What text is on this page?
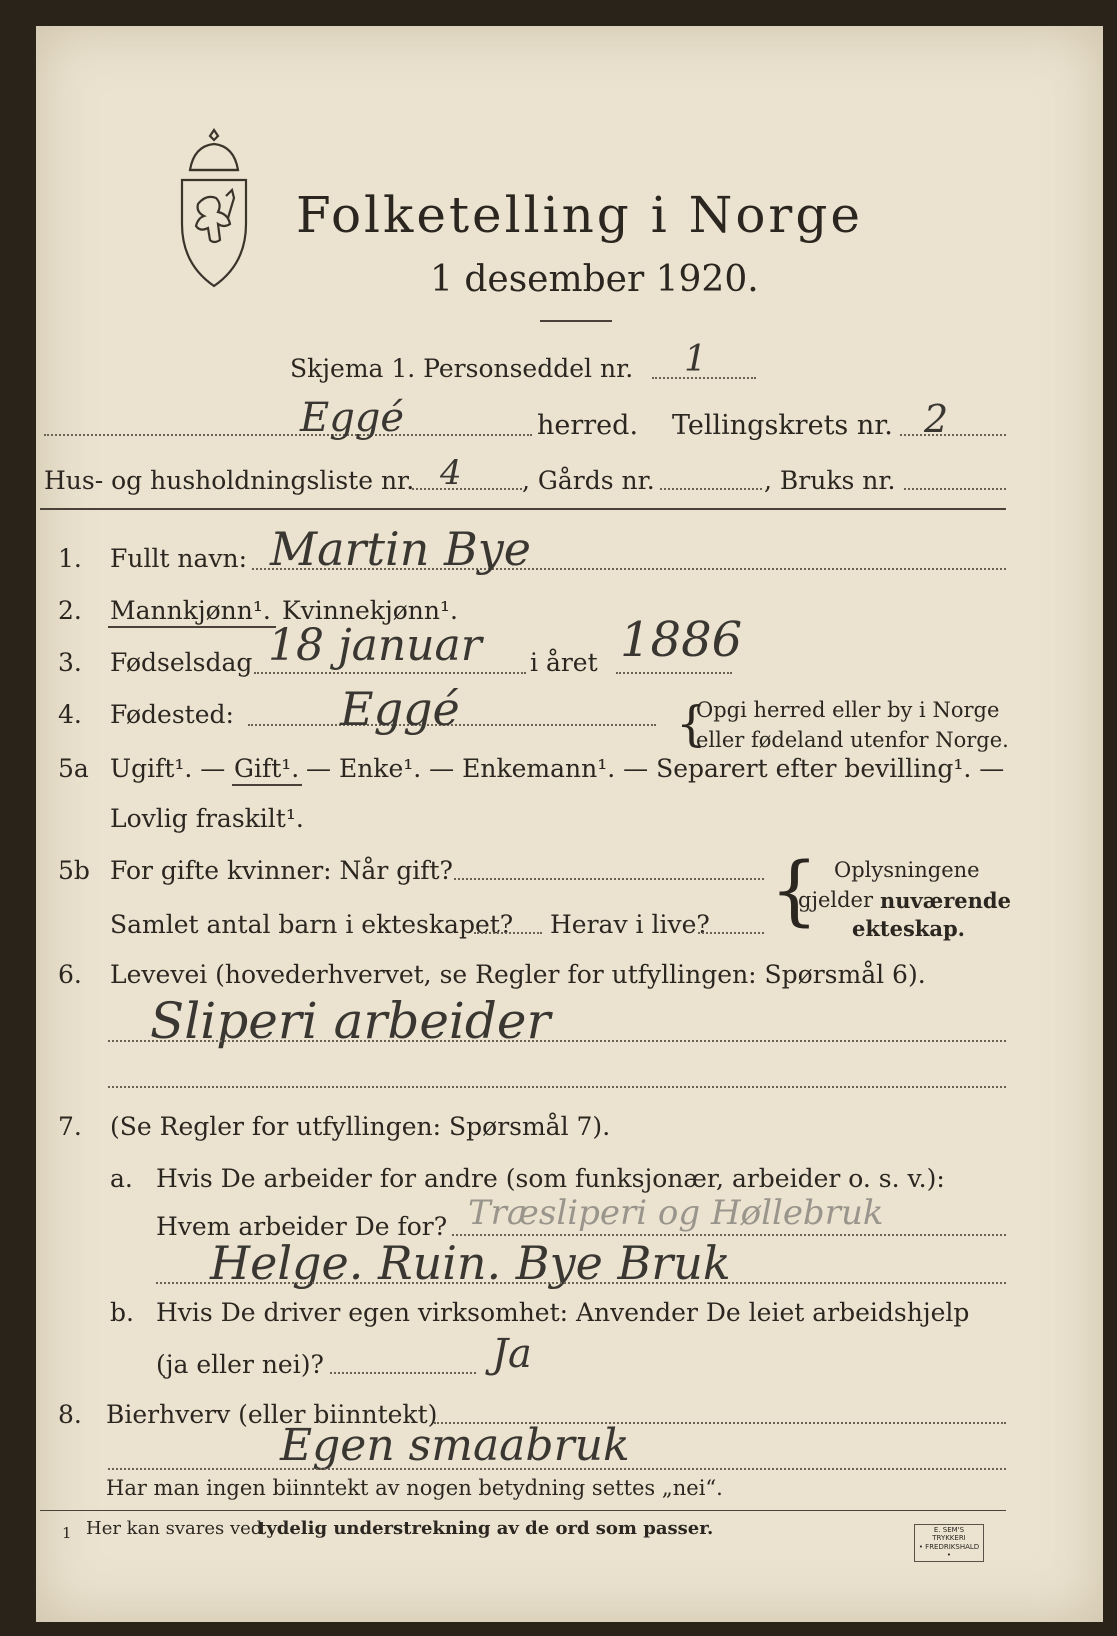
Folketelling i Norge
1 desember 1920.
Skjema 1. Personseddel nr. 1
Eggé	herred. Tellingskrets nr. 2
Hus- og husholdningsliste nr. 4 , Gårds nr.	, Bruks nr.
1. Fullt navn: Martin Bye
2. Mannkjønn¹. Kvinnekjønn¹.
3. Fødselsdag 18 januar i året 1886
4. Fødested: Eggé	Opgi herred eller by i Norge
eller fødeland utenfor Norge.
{
5a Ugift¹. — Gift¹. — Enke¹. — Enkemann¹. — Separert efter bevilling¹. —
Lovlig fraskilt¹.
5b For gifte kvinner: Når gift?
Samlet antal barn i ekteskapet? Herav i live? { Oplysningene
gjelder nuværende
ekteskap.
6. Levevei (hovederhvervet, se Regler for utfyllingen: Spørsmål 6).
Sliperi arbeider
7. (Se Regler for utfyllingen: Spørsmål 7).
a. Hvis De arbeider for andre (som funksjonær, arbeider o. s. v.):
Hvem arbeider De for? Træsliperi og Høllebruk
Helge. Ruin. Bye Bruk
b. Hvis De driver egen virksomhet: Anvender De leiet arbeidshjelp
(ja eller nei)?	Ja
8. Bierhverv (eller biinntekt)
Egen smaabruk
Har man ingen biinntekt av nogen betydning settes „nei“.
1 Her kan svares ved
tydelig understrekning av de ord som passer.	E. SEM'S TRYKKERI
• FREDRIKSHALD •
